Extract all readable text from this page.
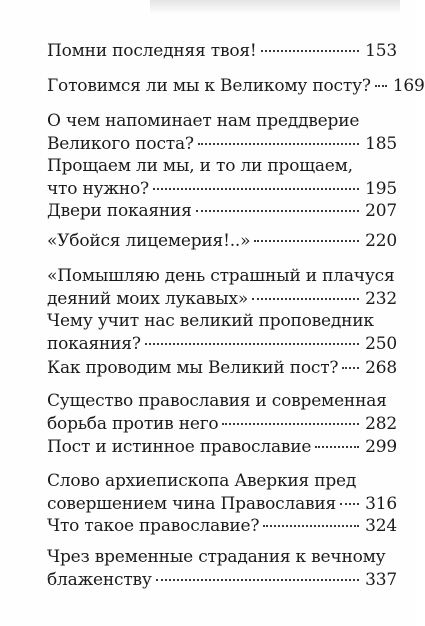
Помни последняя твоя!	153
Готовимся ли мы к Великому посту? 169
О чем напоминает нам преддверие
Великого поста?	185
Прощаем ли мы, и то ли прощаем,
что нужно?	195
Двери покаяния	207
«Убойся лицемерия!..»	220
«Помышляю день страшный и плачуся
деяний моих лукавых»	232
Чему учит нас великий проповедник
покаяния?	250
Как проводим мы Великий пост? 268
Существо православия и современная
борьба против него	282
Пост и истинное православие	299
Слово архиепископа Аверкия пред
совершением чина Православия 316
Что такое православие?	324
Чрез временные страдания к вечному
блаженству	337
